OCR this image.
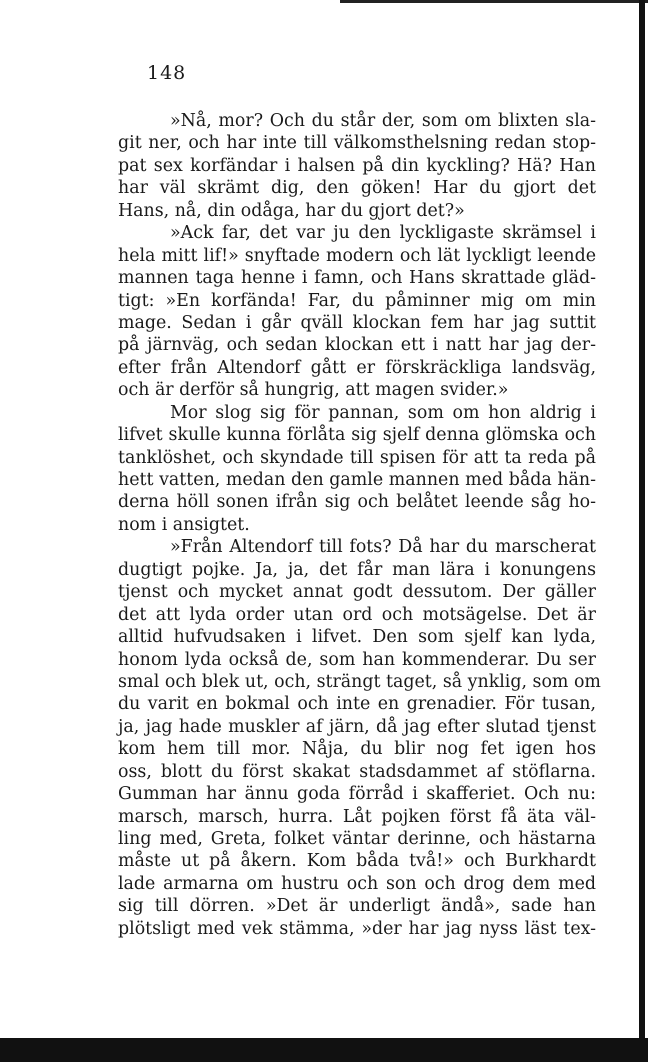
148
»Nå, mor? Och du står der, som om blixten sla-
git ner, och har inte till välkomsthelsning redan stop-
pat sex korfändar i halsen på din kyckling? Hä? Han
har väl skrämt dig, den göken! Har du gjort det
Hans, nå, din odåga, har du gjort det?»
»Ack far, det var ju den lyckligaste skrämsel i
hela mitt lif!» snyftade modern och lät lyckligt leende
mannen taga henne i famn, och Hans skrattade gläd-
tigt: »En korfända! Far, du påminner mig om min
mage. Sedan i går qväll klockan fem har jag suttit
på järnväg, och sedan klockan ett i natt har jag der-
efter från Altendorf gått er förskräckliga landsväg,
och är derför så hungrig, att magen svider.»
Mor slog sig för pannan, som om hon aldrig i
lifvet skulle kunna förlåta sig sjelf denna glömska och
tanklöshet, och skyndade till spisen för att ta reda på
hett vatten, medan den gamle mannen med båda hän-
derna höll sonen ifrån sig och belåtet leende såg ho-
nom i ansigtet.
»Från Altendorf till fots? Då har du marscherat
dugtigt pojke. Ja, ja, det får man lära i konungens
tjenst och mycket annat godt dessutom. Der gäller
det att lyda order utan ord och motsägelse. Det är
alltid hufvudsaken i lifvet. Den som sjelf kan lyda,
honom lyda också de, som han kommenderar. Du ser
smal och blek ut, och, strängt taget, så ynklig, som om
du varit en bokmal och inte en grenadier. För tusan,
ja, jag hade muskler af järn, då jag efter slutad tjenst
kom hem till mor. Nåja, du blir nog fet igen hos
oss, blott du först skakat stadsdammet af stöflarna.
Gumman har ännu goda förråd i skafferiet. Och nu:
marsch, marsch, hurra. Låt pojken först få äta väl-
ling med, Greta, folket väntar derinne, och hästarna
måste ut på åkern. Kom båda två!» och Burkhardt
lade armarna om hustru och son och drog dem med
sig till dörren. »Det är underligt ändå», sade han
plötsligt med vek stämma, »der har jag nyss läst tex-
